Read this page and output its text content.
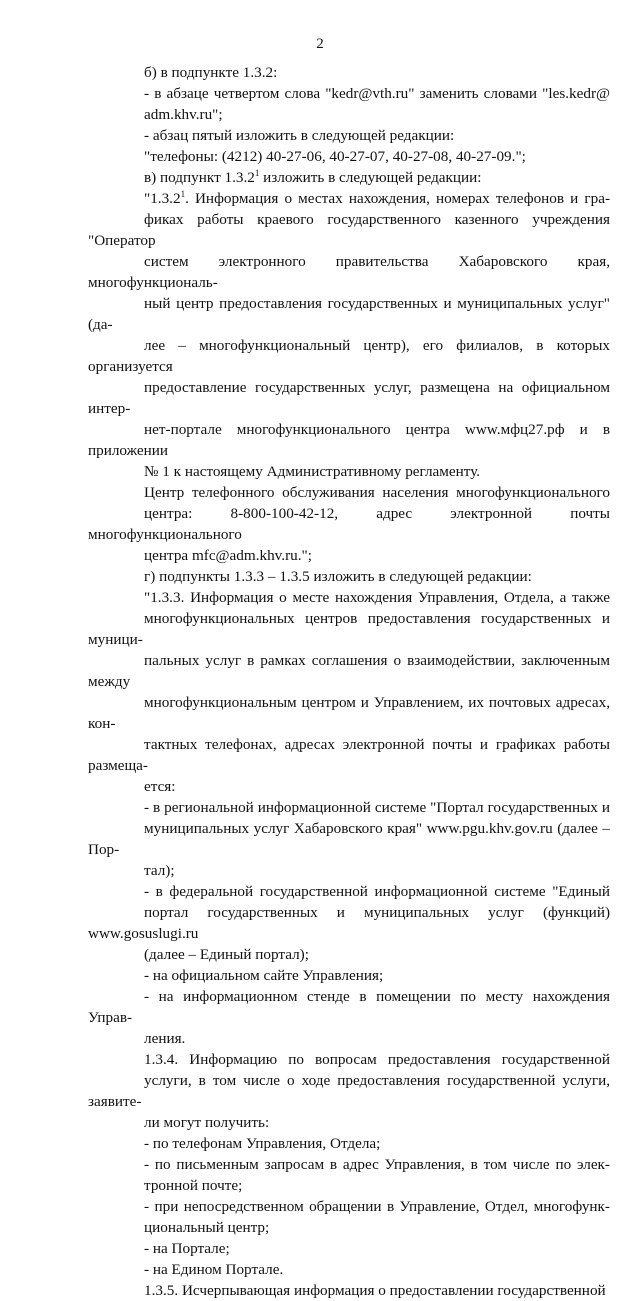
2

б) в подпункте 1.3.2:

- в абзаце четвертом слова "kedr@vth.ru" заменить словами "les.kedr@
adm.khv.ru";

- абзац пятый изложить в следующей редакции:

"телефоны: (4212) 40-27-06, 40-27-07, 40-27-08, 40-27-09.";

в) подпункт 1.3.2$^1$ изложить в следующей редакции:

"1.3.2$^1$. Информация о местах нахождения, номерах телефонов и гра-
фиках работы краевого государственного казенного учреждения "Оператор
систем электронного правительства Хабаровского края, многофункциональ-
ный центр предоставления государственных и муниципальных услуг" (да-
лее – многофункциональный центр), его филиалов, в которых организуется
предоставление государственных услуг, размещена на официальном интер-
нет-портале многофункционального центра www.мфц27.рф и в приложении
№ 1 к настоящему Административному регламенту.

Центр телефонного обслуживания населения многофункционального
центра: 8-800-100-42-12, адрес электронной почты многофункционального
центра mfc@adm.khv.ru.";

г) подпункты 1.3.3 – 1.3.5 изложить в следующей редакции:

"1.3.3. Информация о месте нахождения Управления, Отдела, а также
многофункциональных центров предоставления государственных и муници-
пальных услуг в рамках соглашения о взаимодействии, заключенным между
многофункциональным центром и Управлением, их почтовых адресах, кон-
тактных телефонах, адресах электронной почты и графиках работы размеща-
ется:

- в региональной информационной системе "Портал государственных и
муниципальных услуг Хабаровского края" www.pgu.khv.gov.ru (далее – Пор-
тал);

- в федеральной государственной информационной системе "Единый
портал государственных и муниципальных услуг (функций) www.gosuslugi.ru
(далее – Единый портал);

- на официальном сайте Управления;

- на информационном стенде в помещении по месту нахождения Управ-
ления.

1.3.4. Информацию по вопросам предоставления государственной
услуги, в том числе о ходе предоставления государственной услуги, заявите-
ли могут получить:

- по телефонам Управления, Отдела;

- по письменным запросам в адрес Управления, в том числе по элек-
тронной почте;

- при непосредственном обращении в Управление, Отдел, многофунк-
циональный центр;

- на Портале;

- на Едином Портале.

1.3.5. Исчерпывающая информация о предоставлении государственной
